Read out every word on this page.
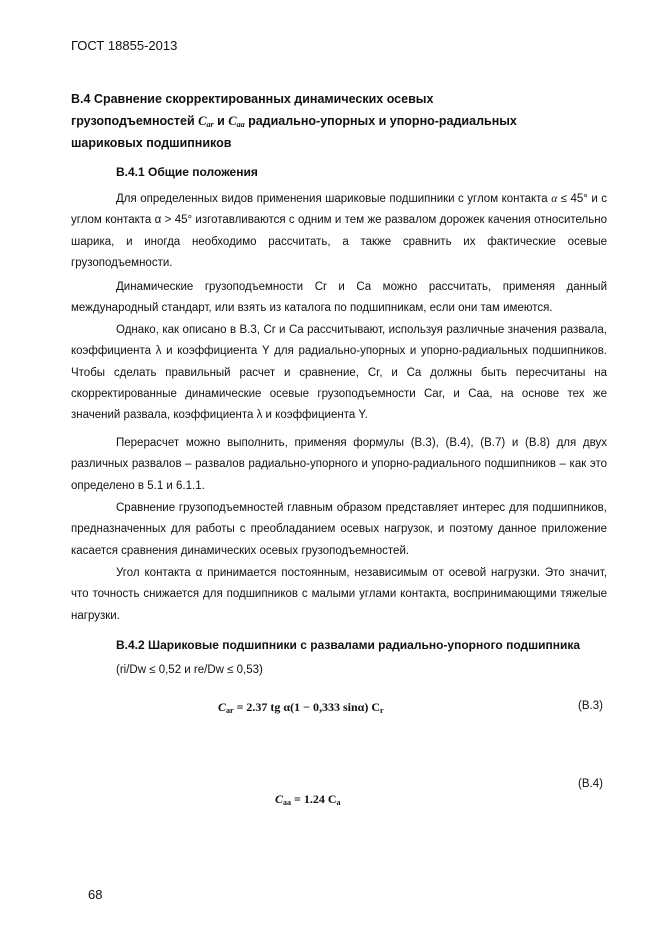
ГОСТ 18855-2013
B.4 Сравнение скорректированных динамических осевых
грузоподъемностей $C_{ar}$ и $C_{aa}$ радиально-упорных и упорно-радиальных
шариковых подшипников
B.4.1 Общие положения
Для определенных видов применения шариковые подшипники с углом контакта α ≤ 45° и с углом контакта α > 45° изготавливаются с одним и тем же развалом дорожек качения относительно шарика, и иногда необходимо рассчитать, а также сравнить их фактические осевые грузоподъемности.
Динамические грузоподъемности Cr и Ca можно рассчитать, применяя данный международный стандарт, или взять из каталога по подшипникам, если они там имеются.
Однако, как описано в В.3, Cr и Ca рассчитывают, используя различные значения развала, коэффициента λ и коэффициента Y для радиально-упорных и упорно-радиальных подшипников. Чтобы сделать правильный расчет и сравнение, Cr, и Ca должны быть пересчитаны на скорректированные динамические осевые грузоподъемности Car, и Caa, на основе тех же значений развала, коэффициента λ и коэффициента Y.
Перерасчет можно выполнить, применяя формулы (В.3), (В.4), (В.7) и (В.8) для двух различных развалов – развалов радиально-упорного и упорно-радиального подшипников – как это определено в 5.1 и 6.1.1.
Сравнение грузоподъемностей главным образом представляет интерес для подшипников, предназначенных для работы с преобладанием осевых нагрузок, и поэтому данное приложение касается сравнения динамических осевых грузоподъемностей.
Угол контакта α принимается постоянным, независимым от осевой нагрузки. Это значит, что точность снижается для подшипников с малыми углами контакта, воспринимающими тяжелые нагрузки.
B.4.2 Шариковые подшипники с развалами радиально-упорного подшипника
(ri/Dw ≤ 0,52 и re/Dw ≤ 0,53)
$C_{ar} = 2.37$ tg α(1 − 0,333 sinα) $C_r$	(В.3)
(В.4)
$C_{aa} = 1.24$ $C_a$
68
